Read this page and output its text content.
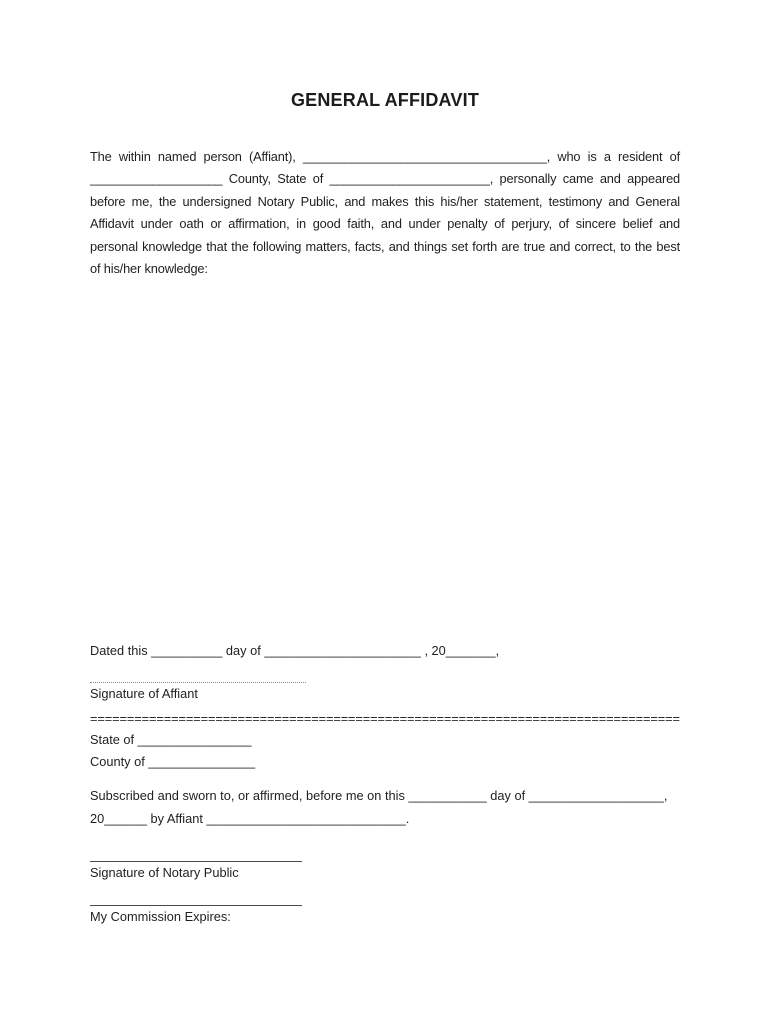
GENERAL AFFIDAVIT
The within named person (Affiant), ___________________________________, who is a resident of
___________________ County, State of _______________________, personally came and appeared
before me, the undersigned Notary Public, and makes this his/her statement, testimony and General
Affidavit under oath or affirmation, in good faith, and under penalty of perjury, of sincere belief and
personal knowledge that the following matters, facts, and things set forth are true and correct, to the best
of his/her knowledge:
Dated this __________ day of ______________________ , 20_______,
Signature of Affiant
================================================================================
State of ________________
County of _______________
Subscribed and sworn to, or affirmed, before me on this ___________ day of ___________________,
20______ by Affiant ____________________________.
Signature of Notary Public
My Commission Expires:
